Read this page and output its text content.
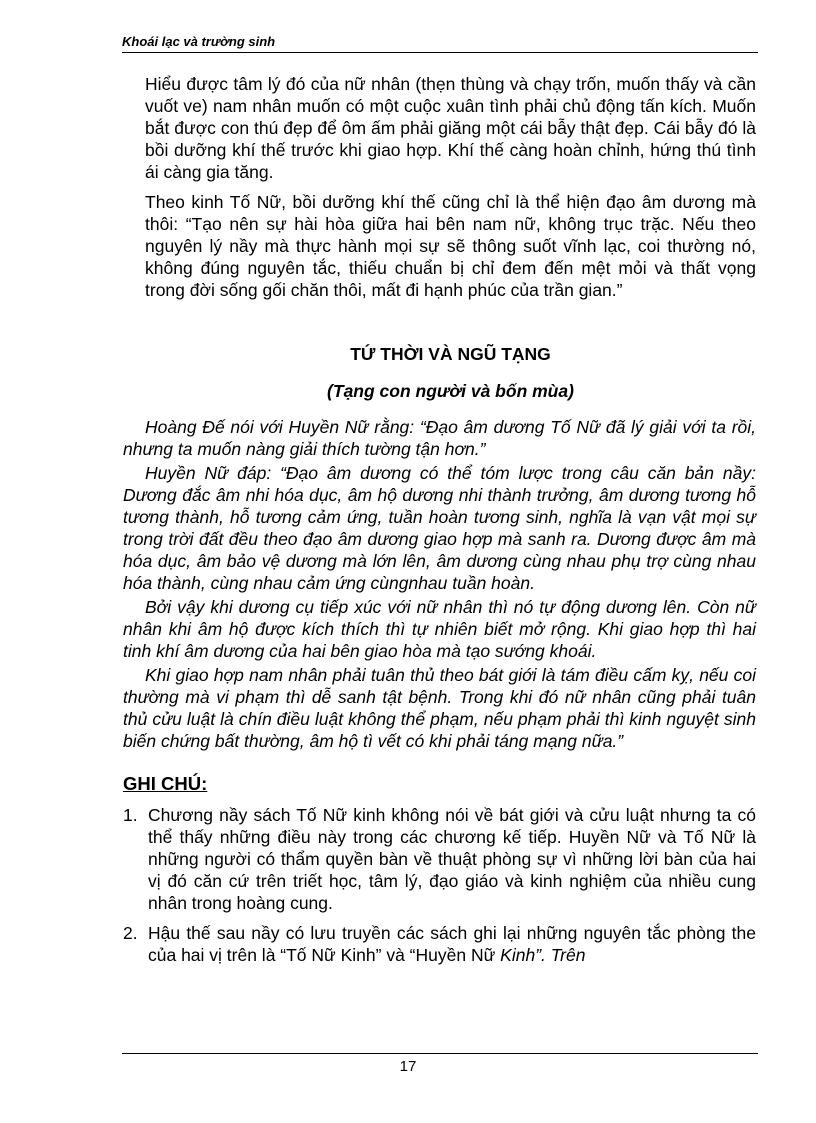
Khoái lạc và trường sinh

Hiểu được tâm lý đó của nữ nhân (thẹn thùng và chạy trốn, muốn thấy và cần vuốt ve) nam nhân muốn có một cuộc xuân tình phải chủ động tấn kích. Muốn bắt được con thú đẹp để ôm ấm phải giăng một cái bẫy thật đẹp. Cái bẫy đó là bồi dưỡng khí thế trước khi giao hợp. Khí thế càng hoàn chỉnh, hứng thú tình ái càng gia tăng.

Theo kinh Tố Nữ, bồi dưỡng khí thế cũng chỉ là thể hiện đạo âm dương mà thôi: “Tạo nên sự hài hòa giữa hai bên nam nữ, không trục trặc. Nếu theo nguyên lý nầy mà thực hành mọi sự sẽ thông suốt vĩnh lạc, coi thường nó, không đúng nguyên tắc, thiếu chuẩn bị chỉ đem đến mệt mỏi và thất vọng trong đời sống gối chăn thôi, mất đi hạnh phúc của trần gian.”

TỨ THỜI VÀ NGŨ TẠNG
(Tạng con người và bốn mùa)

Hoàng Đế nói với Huyền Nữ rằng: “Đạo âm dương Tố Nữ đã lý giải với ta rồi, nhưng ta muốn nàng giải thích tường tận hơn.”

Huyền Nữ đáp: “Đạo âm dương có thể tóm lược trong câu căn bản nầy: Dương đắc âm nhi hóa dục, âm hộ dương nhi thành trưởng, âm dương tương hỗ tương thành, hỗ tương cảm ứng, tuần hoàn tương sinh, nghĩa là vạn vật mọi sự trong trời đất đều theo đạo âm dương giao hợp mà sanh ra. Dương được âm mà hóa dục, âm bảo vệ dương mà lớn lên, âm dương cùng nhau phụ trợ cùng nhau hóa thành, cùng nhau cảm ứng cùngnhau tuần hoàn.

Bởi vậy khi dương cụ tiếp xúc với nữ nhân thì nó tự động dương lên. Còn nữ nhân khi âm hộ được kích thích thì tự nhiên biết mở rộng. Khi giao hợp thì hai tinh khí âm dương của hai bên giao hòa mà tạo sướng khoái.

Khi giao hợp nam nhân phải tuân thủ theo bát giới là tám điều cấm kỵ, nếu coi thường mà vi phạm thì dễ sanh tật bệnh. Trong khi đó nữ nhân cũng phải tuân thủ cửu luật là chín điều luật không thể phạm, nếu phạm phải thì kinh nguyệt sinh biến chứng bất thường, âm hộ tì vết có khi phải táng mạng nữa.”

GHI CHÚ:
1. Chương nầy sách Tố Nữ kinh không nói về bát giới và cửu luật nhưng ta có thể thấy những điều này trong các chương kế tiếp. Huyền Nữ và Tố Nữ là những người có thẩm quyền bàn về thuật phòng sự vì những lời bàn của hai vị đó căn cứ trên triết học, tâm lý, đạo giáo và kinh nghiệm của nhiều cung nhân trong hoàng cung.
2. Hậu thế sau nầy có lưu truyền các sách ghi lại những nguyên tắc phòng the của hai vị trên là “Tố Nữ Kinh” và “Huyền Nữ Kinh”. Trên
17
